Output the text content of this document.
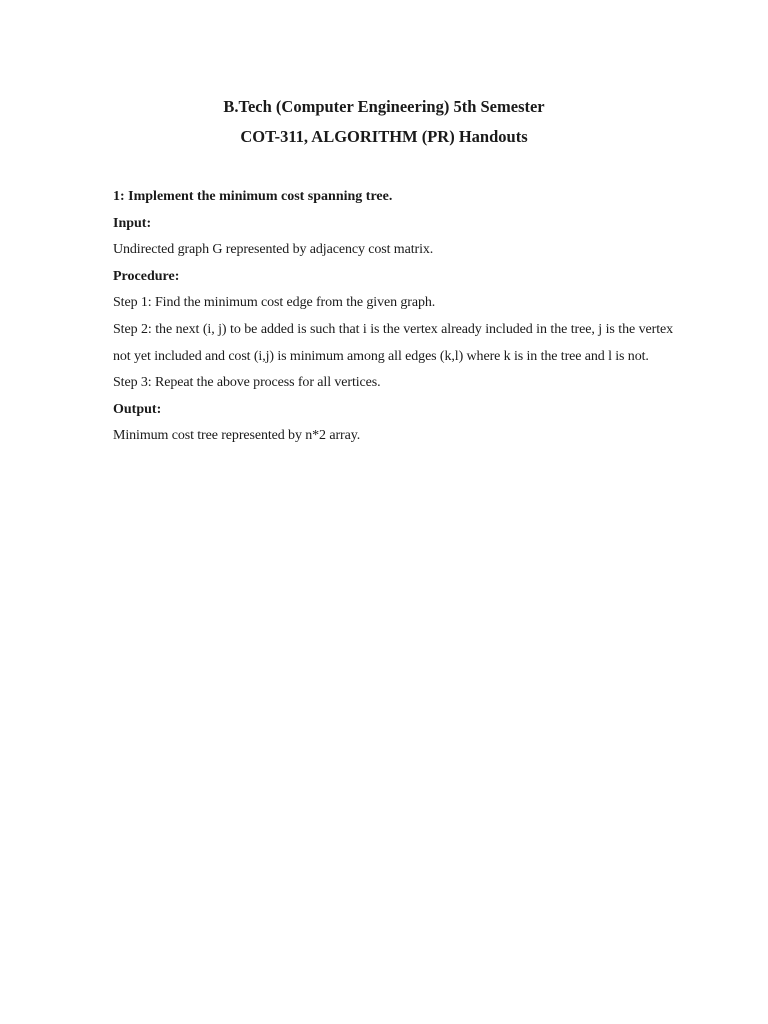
B.Tech (Computer Engineering) 5th Semester

COT-311, ALGORITHM (PR) Handouts

1: Implement the minimum cost spanning tree.

Input:

Undirected graph G represented by adjacency cost matrix.

Procedure:

Step 1: Find the minimum cost edge from the given graph.

Step 2: the next (i, j) to be added is such that i is the vertex already included in the tree, j is the vertex not yet included and cost (i,j) is minimum among all edges (k,l) where k is in the tree and l is not.

Step 3: Repeat the above process for all vertices.

Output:

Minimum cost tree represented by n*2 array.
